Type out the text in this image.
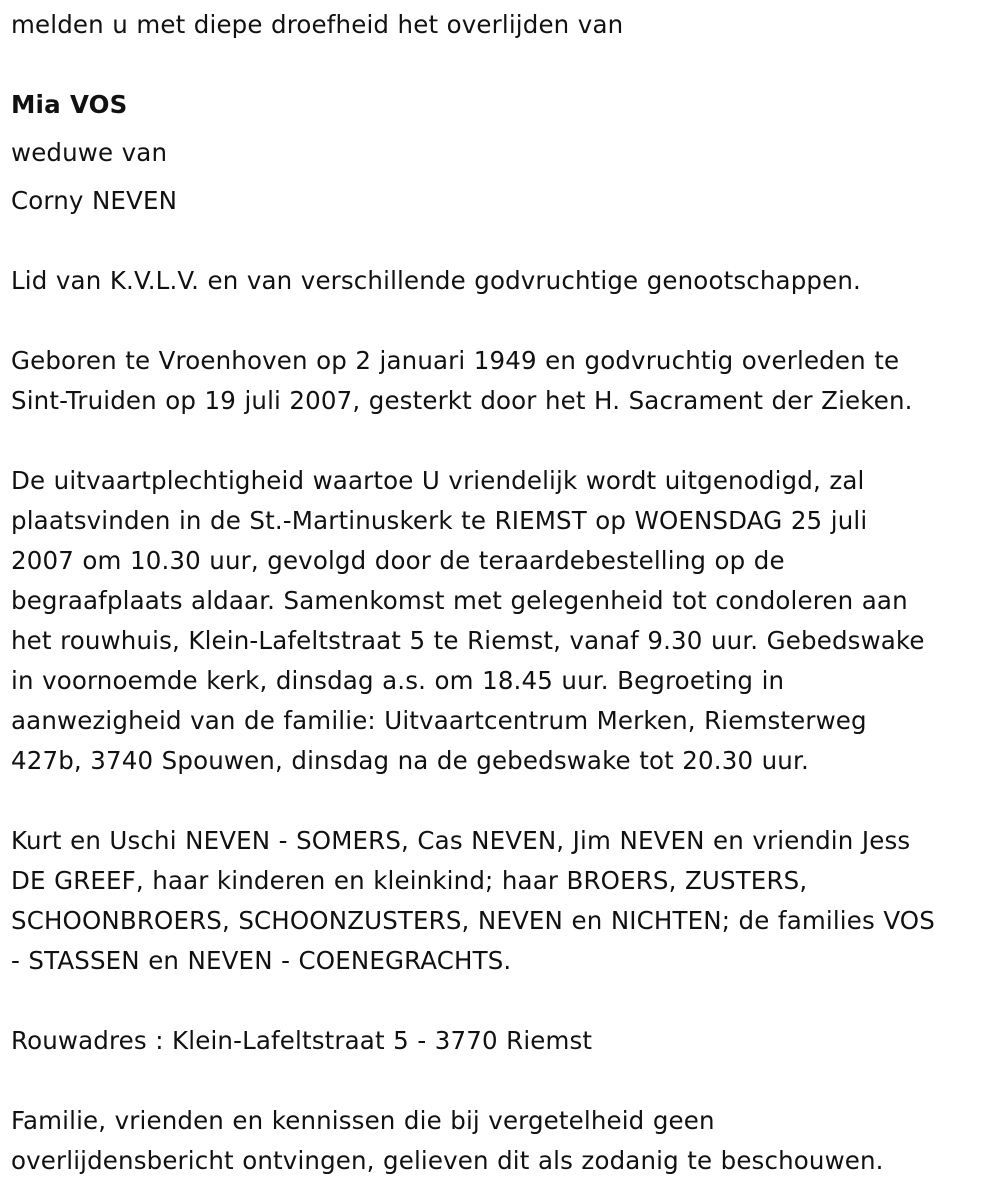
melden u met diepe droefheid het overlijden van
Mia VOS
weduwe van
Corny NEVEN
Lid van K.V.L.V. en van verschillende godvruchtige genootschappen.
Geboren te Vroenhoven op 2 januari 1949 en godvruchtig overleden te
Sint-Truiden op 19 juli 2007, gesterkt door het H. Sacrament der Zieken.
De uitvaartplechtigheid waartoe U vriendelijk wordt uitgenodigd, zal
plaatsvinden in de St.-Martinuskerk te RIEMST op WOENSDAG 25 juli
2007 om 10.30 uur, gevolgd door de teraardebestelling op de
begraafplaats aldaar. Samenkomst met gelegenheid tot condoleren aan
het rouwhuis, Klein-Lafeltstraat 5 te Riemst, vanaf 9.30 uur. Gebedswake
in voornoemde kerk, dinsdag a.s. om 18.45 uur. Begroeting in
aanwezigheid van de familie: Uitvaartcentrum Merken, Riemsterweg
427b, 3740 Spouwen, dinsdag na de gebedswake tot 20.30 uur.
Kurt en Uschi NEVEN - SOMERS, Cas NEVEN, Jim NEVEN en vriendin Jess
DE GREEF, haar kinderen en kleinkind; haar BROERS, ZUSTERS,
SCHOONBROERS, SCHOONZUSTERS, NEVEN en NICHTEN; de families VOS
- STASSEN en NEVEN - COENEGRACHTS.
Rouwadres : Klein-Lafeltstraat 5 - 3770 Riemst
Familie, vrienden en kennissen die bij vergetelheid geen
overlijdensbericht ontvingen, gelieven dit als zodanig te beschouwen.
